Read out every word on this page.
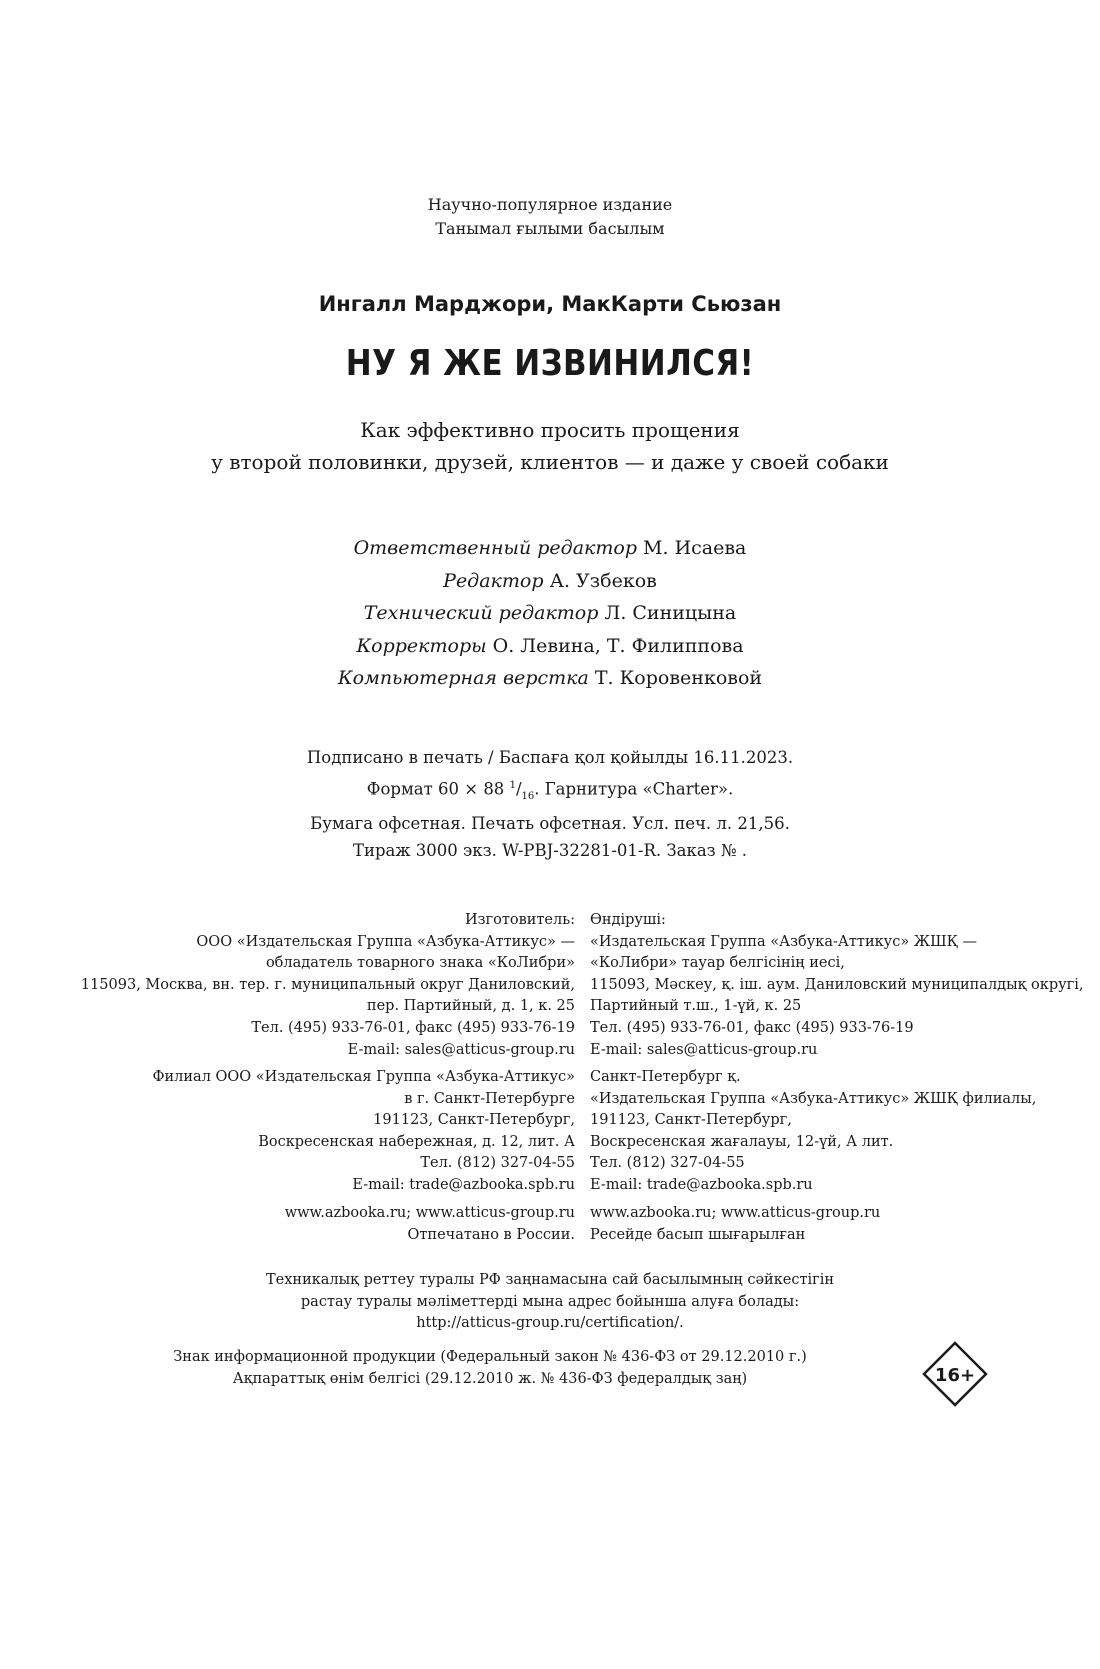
Научно-популярное издание
Танымал ғылыми басылым
Ингалл Марджори, МакКарти Сьюзан
НУ Я ЖЕ ИЗВИНИЛСЯ!
Как эффективно просить прощения
у второй половинки, друзей, клиентов — и даже у своей собаки
Ответственный редактор М. Исаева
Редактор А. Узбеков
Технический редактор Л. Синицына
Корректоры О. Левина, Т. Филиппова
Компьютерная верстка Т. Коровенковой
Подписано в печать / Баспаға қол қойылды 16.11.2023.
Формат 60 × 88 $^1/_{16}$. Гарнитура «Charter».
Бумага офсетная. Печать офсетная. Усл. печ. л. 21,56.
Тираж 3000 экз. W-PBJ-32281-01-R. Заказ № .
Изготовитель:
ООО «Издательская Группа «Азбука-Аттикус» —
обладатель товарного знака «КоЛибри»
115093, Москва, вн. тер. г. муниципальный округ Даниловский,
пер. Партийный, д. 1, к. 25
Тел. (495) 933-76-01, факс (495) 933-76-19
E-mail: sales@atticus-group.ru
Өндіруші:
«Издательская Группа «Азбука-Аттикус» ЖШҚ —
«КоЛибри» тауар белгісінің иесі,
115093, Мәскеу, қ. іш. аум. Даниловский муниципалдық округі,
Партийный т.ш., 1-үй, к. 25
Тел. (495) 933-76-01, факс (495) 933-76-19
E-mail: sales@atticus-group.ru
Филиал ООО «Издательская Группа «Азбука-Аттикус»
в г. Санкт-Петербурге
191123, Санкт-Петербург,
Воскресенская набережная, д. 12, лит. А
Тел. (812) 327-04-55
E-mail: trade@azbooka.spb.ru
Санкт-Петербург қ.
«Издательская Группа «Азбука-Аттикус» ЖШҚ филиалы,
191123, Санкт-Петербург,
Воскресенская жағалауы, 12-үй, А лит.
Тел. (812) 327-04-55
E-mail: trade@azbooka.spb.ru
www.azbooka.ru; www.atticus-group.ru
Отпечатано в России.
www.azbooka.ru; www.atticus-group.ru
Ресейде басып шығарылған
Техникалық реттеу туралы РФ заңнамасына сай басылымның сәйкестігін
растау туралы мәліметтерді мына адрес бойынша алуға болады:
http://atticus-group.ru/certification/.
Знак информационной продукции (Федеральный закон № 436-ФЗ от 29.12.2010 г.)
Ақпараттық өнім белгісі (29.12.2010 ж. № 436-ФЗ федералдық заң)	16+
